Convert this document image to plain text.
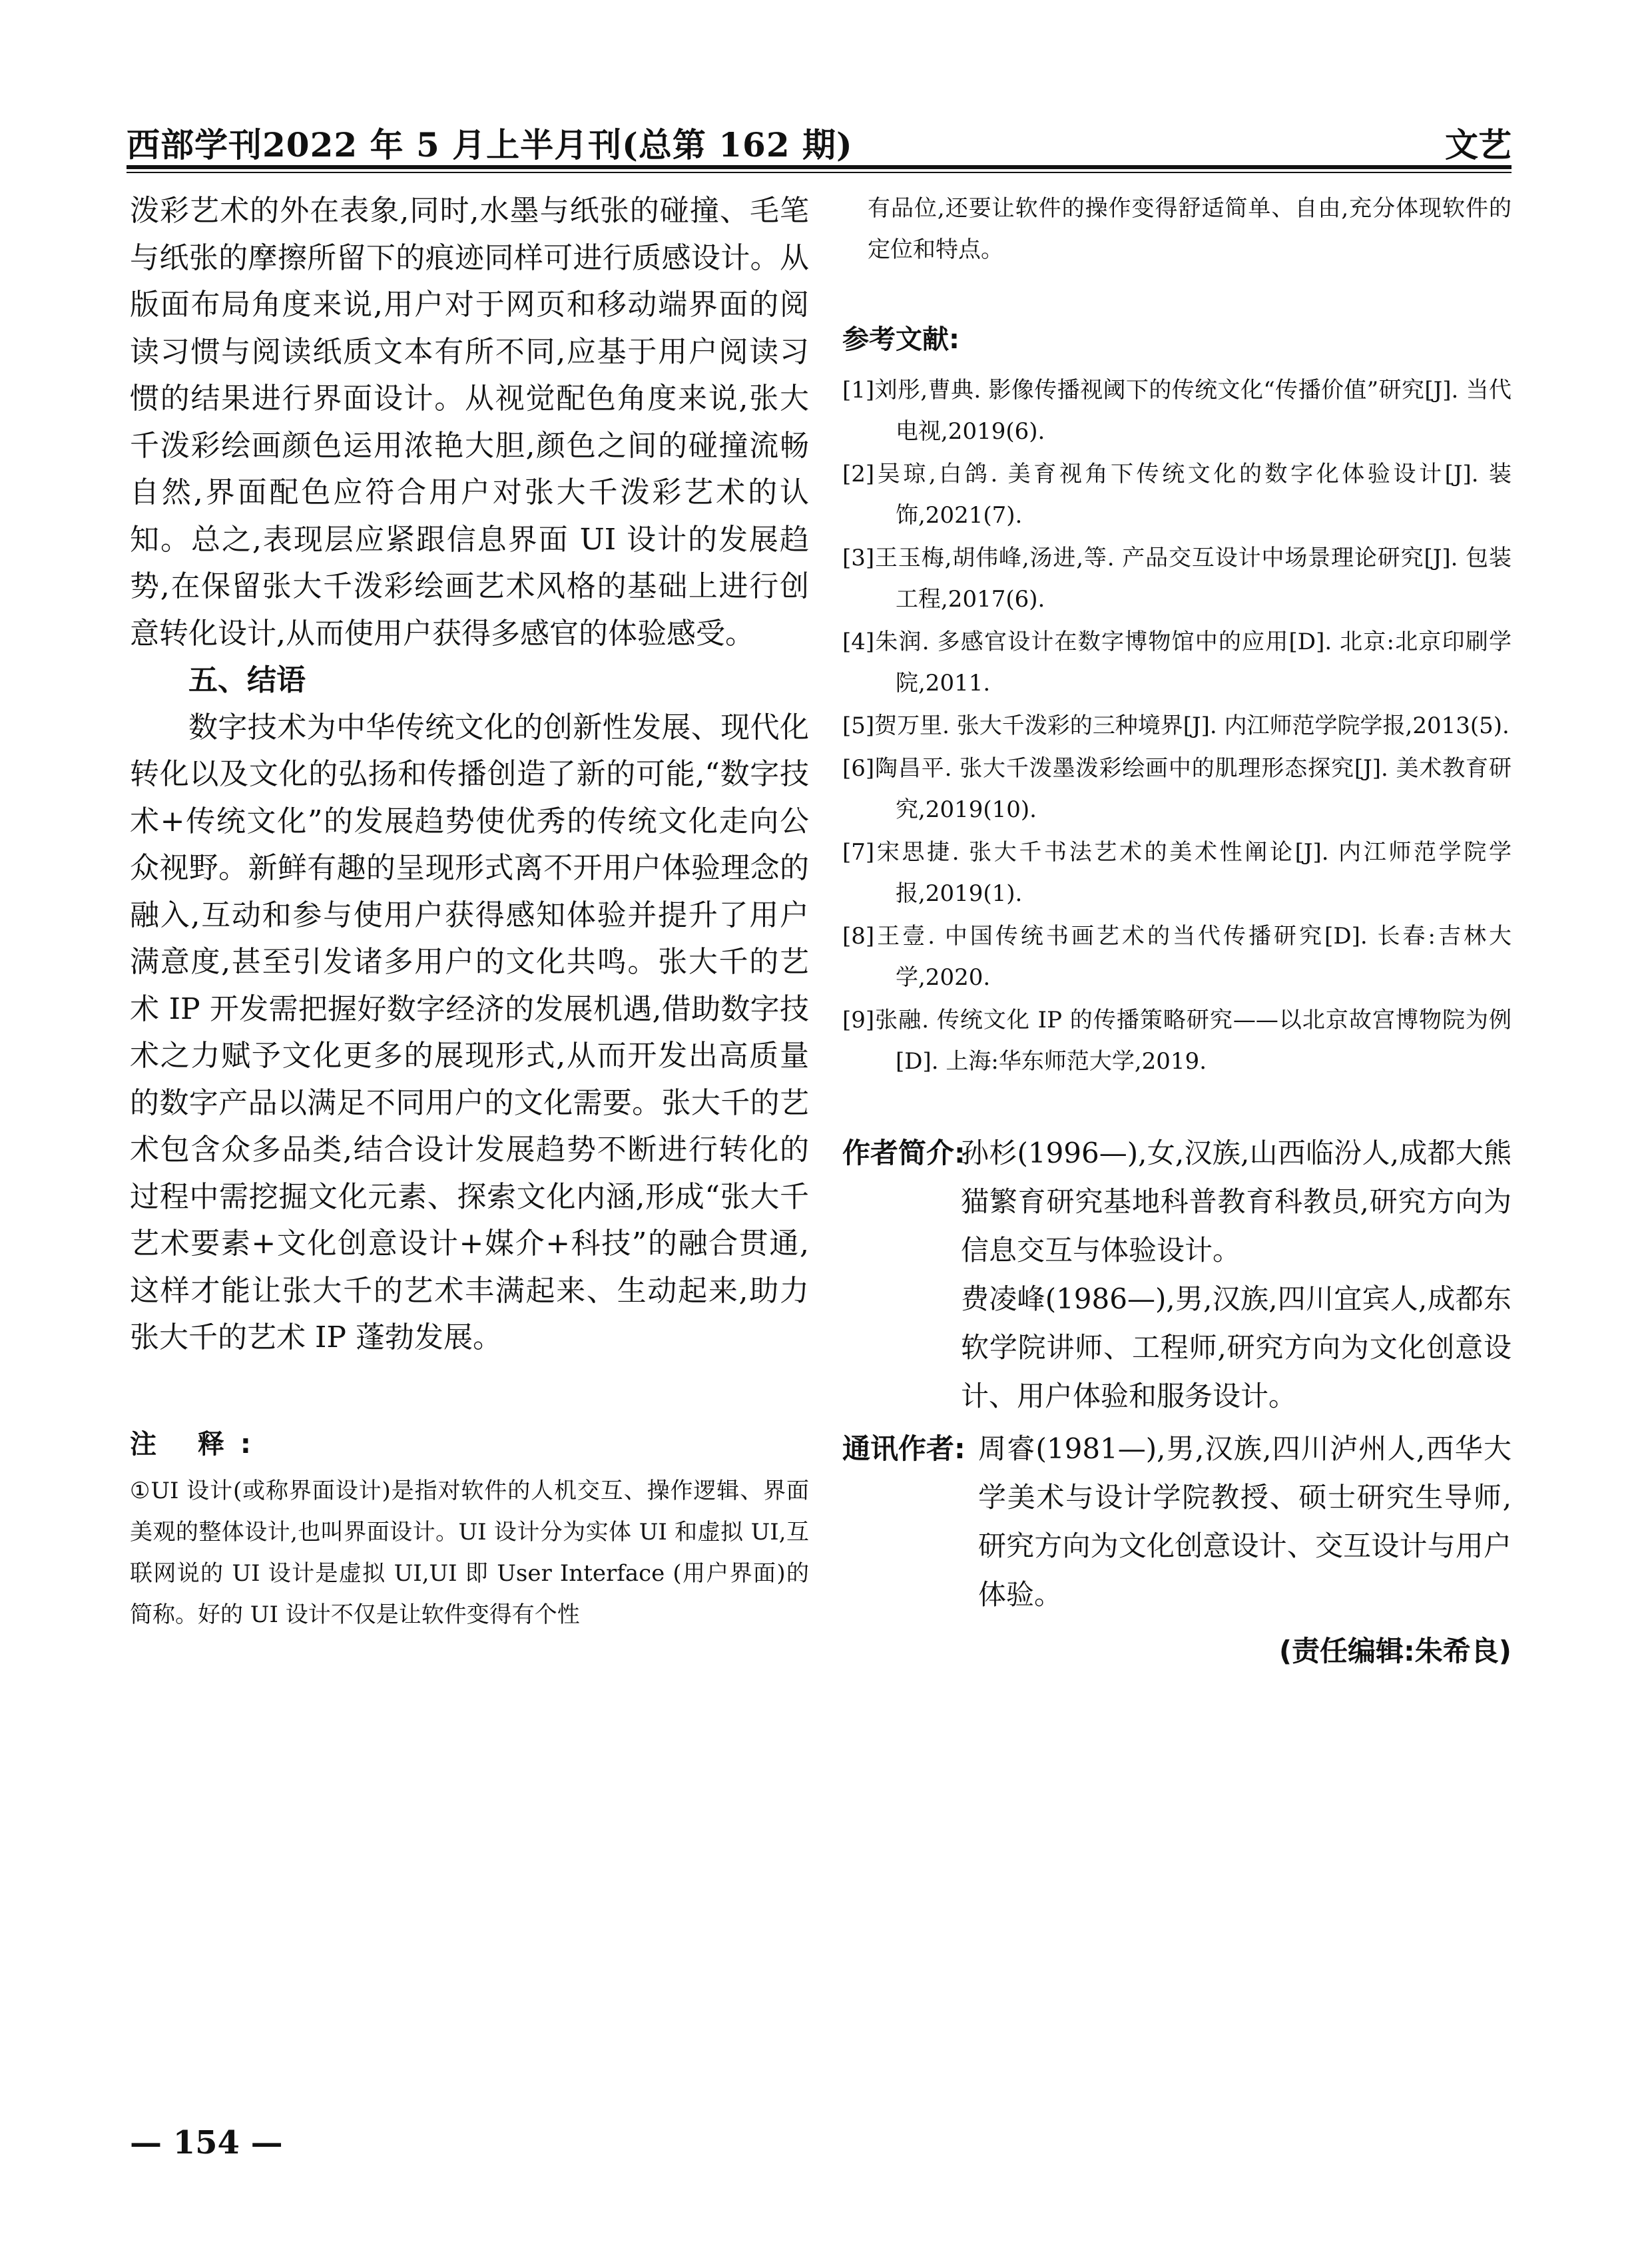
西部学刊2022 年 5 月上半月刊(总第 162 期)	文艺

泼彩艺术的外在表象,同时,水墨与纸张的碰撞、毛笔与纸张的摩擦所留下的痕迹同样可进行质感设计。从版面布局角度来说,用户对于网页和移动端界面的阅读习惯与阅读纸质文本有所不同,应基于用户阅读习惯的结果进行界面设计。从视觉配色角度来说,张大千泼彩绘画颜色运用浓艳大胆,颜色之间的碰撞流畅自然,界面配色应符合用户对张大千泼彩艺术的认知。总之,表现层应紧跟信息界面 UI 设计的发展趋势,在保留张大千泼彩绘画艺术风格的基础上进行创意转化设计,从而使用户获得多感官的体验感受。

五、结语

数字技术为中华传统文化的创新性发展、现代化转化以及文化的弘扬和传播创造了新的可能,“数字技术+传统文化”的发展趋势使优秀的传统文化走向公众视野。新鲜有趣的呈现形式离不开用户体验理念的融入,互动和参与使用户获得感知体验并提升了用户满意度,甚至引发诸多用户的文化共鸣。张大千的艺术 IP 开发需把握好数字经济的发展机遇,借助数字技术之力赋予文化更多的展现形式,从而开发出高质量的数字产品以满足不同用户的文化需要。张大千的艺术包含众多品类,结合设计发展趋势不断进行转化的过程中需挖掘文化元素、探索文化内涵,形成“张大千艺术要素+文化创意设计+媒介+科技”的融合贯通,这样才能让张大千的艺术丰满起来、生动起来,助力张大千的艺术 IP 蓬勃发展。

注 释:

①UI 设计(或称界面设计)是指对软件的人机交互、操作逻辑、界面美观的整体设计,也叫界面设计。UI 设计分为实体 UI 和虚拟 UI,互联网说的 UI 设计是虚拟 UI,UI 即 User Interface (用户界面)的简称。好的 UI 设计不仅是让软件变得有个性

有品位,还要让软件的操作变得舒适简单、自由,充分体现软件的定位和特点。

参考文献:

[1]刘彤,曹典. 影像传播视阈下的传统文化“传播价值”研究[J]. 当代电视,2019(6).

[2]吴琼,白鸽. 美育视角下传统文化的数字化体验设计[J]. 装饰,2021(7).

[3]王玉梅,胡伟峰,汤进,等. 产品交互设计中场景理论研究[J]. 包装工程,2017(6).

[4]朱润. 多感官设计在数字博物馆中的应用[D]. 北京:北京印刷学院,2011.

[5]贺万里. 张大千泼彩的三种境界[J]. 内江师范学院学报,2013(5).

[6]陶昌平. 张大千泼墨泼彩绘画中的肌理形态探究[J]. 美术教育研究,2019(10).

[7]宋思捷. 张大千书法艺术的美术性阐论[J]. 内江师范学院学报,2019(1).

[8]王壹. 中国传统书画艺术的当代传播研究[D]. 长春:吉林大学,2020.

[9]张融. 传统文化 IP 的传播策略研究——以北京故宫博物院为例[D]. 上海:华东师范大学,2019.

作者简介:

孙杉(1996—),女,汉族,山西临汾人,成都大熊猫繁育研究基地科普教育科教员,研究方向为信息交互与体验设计。

费凌峰(1986—),男,汉族,四川宜宾人,成都东软学院讲师、工程师,研究方向为文化创意设计、用户体验和服务设计。

通讯作者: 周睿(1981—),男,汉族,四川泸州人,西华大学美术与设计学院教授、硕士研究生导师,研究方向为文化创意设计、交互设计与用户体验。

(责任编辑:朱希良)
— 154 —
